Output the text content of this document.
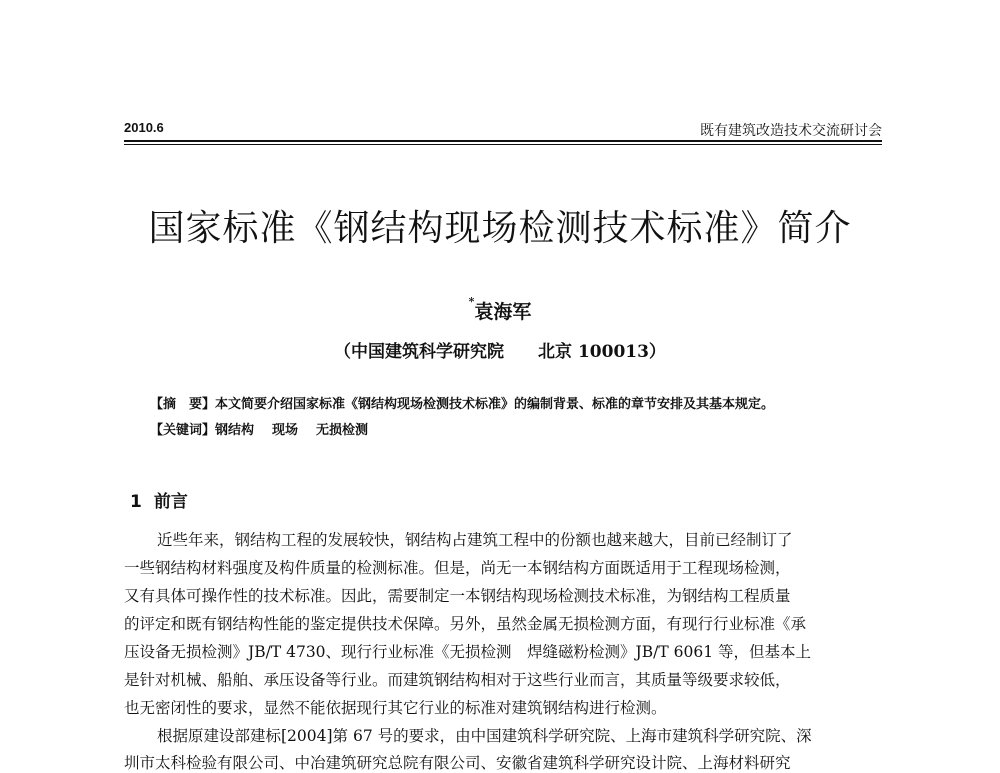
2010.6	既有建筑改造技术交流研讨会
国家标准《钢结构现场检测技术标准》简介
*袁海军
（中国建筑科学研究院　　北京 100013）
【摘　要】本文简要介绍国家标准《钢结构现场检测技术标准》的编制背景、标准的章节安排及其基本规定。
【关键词】钢结构 现场 无损检测
1 前言
近些年来，钢结构工程的发展较快，钢结构占建筑工程中的份额也越来越大，目前已经制订了
一些钢结构材料强度及构件质量的检测标准。但是，尚无一本钢结构方面既适用于工程现场检测，
又有具体可操作性的技术标准。因此，需要制定一本钢结构现场检测技术标准，为钢结构工程质量
的评定和既有钢结构性能的鉴定提供技术保障。另外，虽然金属无损检测方面，有现行行业标准《承
压设备无损检测》JB/T 4730、现行行业标准《无损检测　焊缝磁粉检测》JB/T 6061 等，但基本上
是针对机械、船舶、承压设备等行业。而建筑钢结构相对于这些行业而言，其质量等级要求较低，
也无密闭性的要求，显然不能依据现行其它行业的标准对建筑钢结构进行检测。
根据原建设部建标[2004]第 67 号的要求，由中国建筑科学研究院、上海市建筑科学研究院、深
圳市太科检验有限公司、中冶建筑研究总院有限公司、安徽省建筑科学研究设计院、上海材料研究
